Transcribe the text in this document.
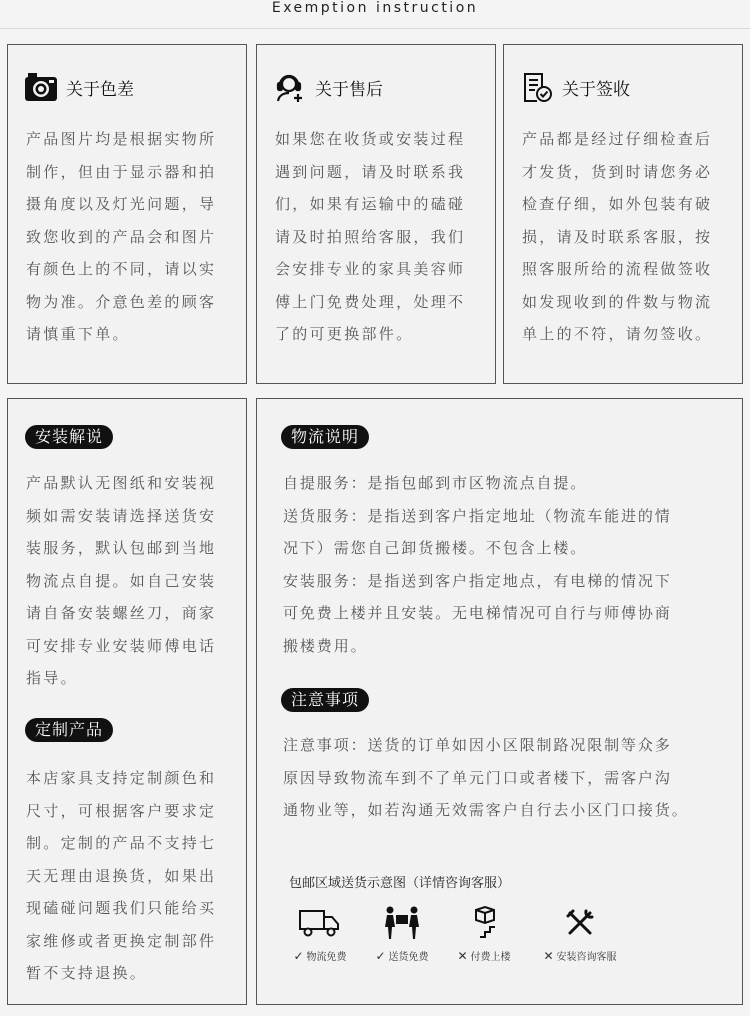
Exemption instruction
关于色差
产品图片均是根据实物所
制作，但由于显示器和拍
摄角度以及灯光问题，导
致您收到的产品会和图片
有颜色上的不同，请以实
物为准。介意色差的顾客
请慎重下单。
关于售后
如果您在收货或安装过程
遇到问题，请及时联系我
们，如果有运输中的磕碰
请及时拍照给客服，我们
会安排专业的家具美容师
傅上门免费处理，处理不
了的可更换部件。
关于签收
产品都是经过仔细检查后
才发货，货到时请您务必
检查仔细，如外包装有破
损，请及时联系客服，按
照客服所给的流程做签收
如发现收到的件数与物流
单上的不符，请勿签收。
安装解说
产品默认无图纸和安装视
频如需安装请选择送货安
装服务，默认包邮到当地
物流点自提。如自己安装
请自备安装螺丝刀，商家
可安排专业安装师傅电话
指导。
定制产品
本店家具支持定制颜色和
尺寸，可根据客户要求定
制。定制的产品不支持七
天无理由退换货，如果出
现磕碰问题我们只能给买
家维修或者更换定制部件
暂不支持退换。
物流说明
自提服务：是指包邮到市区物流点自提。
送货服务：是指送到客户指定地址（物流车能进的情
况下）需您自己卸货搬楼。不包含上楼。
安装服务：是指送到客户指定地点，有电梯的情况下
可免费上楼并且安装。无电梯情况可自行与师傅协商
搬楼费用。
注意事项
注意事项：送货的订单如因小区限制路况限制等众多
原因导致物流车到不了单元门口或者楼下，需客户沟
通物业等，如若沟通无效需客户自行去小区门口接货。
包邮区域送货示意图（详情咨询客服）
✓ 物流免费	✓ 送货免费	✕ 付费上楼	✕ 安装咨询客服
